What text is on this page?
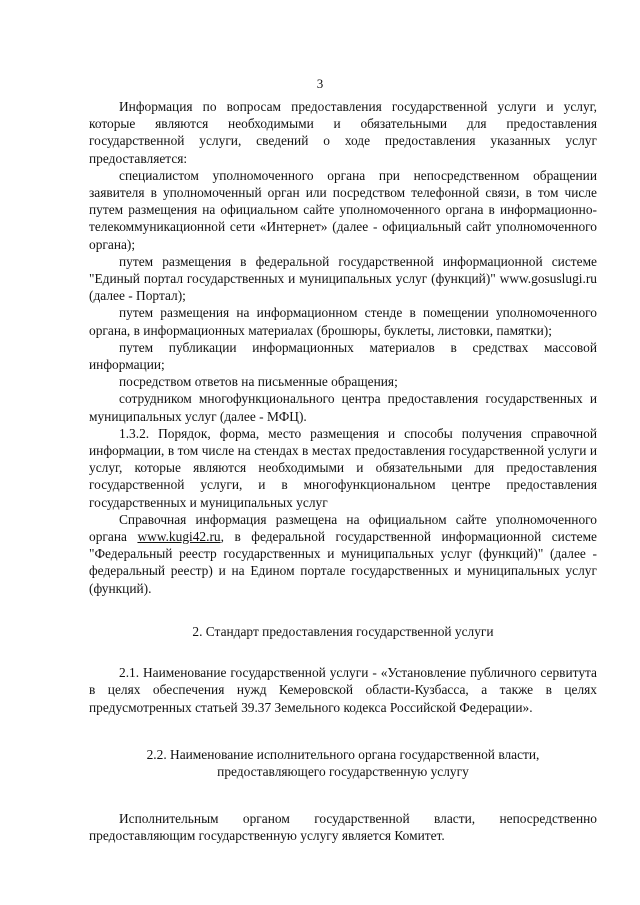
3

Информация по вопросам предоставления государственной услуги и услуг, которые являются необходимыми и обязательными для предоставления государственной услуги, сведений о ходе предоставления указанных услуг предоставляется:

специалистом уполномоченного органа при непосредственном обращении заявителя в уполномоченный орган или посредством телефонной связи, в том числе путем размещения на официальном сайте уполномоченного органа в информационно-телекоммуникационной сети «Интернет» (далее - официальный сайт уполномоченного органа);

путем размещения в федеральной государственной информационной системе "Единый портал государственных и муниципальных услуг (функций)" www.gosuslugi.ru (далее - Портал);

путем размещения на информационном стенде в помещении уполномоченного органа, в информационных материалах (брошюры, буклеты, листовки, памятки);

путем публикации информационных материалов в средствах массовой информации;

посредством ответов на письменные обращения;

сотрудником многофункционального центра предоставления государственных и муниципальных услуг (далее - МФЦ).

1.3.2. Порядок, форма, место размещения и способы получения справочной информации, в том числе на стендах в местах предоставления государственной услуги и услуг, которые являются необходимыми и обязательными для предоставления государственной услуги, и в многофункциональном центре предоставления государственных и муниципальных услуг

Справочная информация размещена на официальном сайте уполномоченного органа www.kugi42.ru, в федеральной государственной информационной системе "Федеральный реестр государственных и муниципальных услуг (функций)" (далее - федеральный реестр) и на Едином портале государственных и муниципальных услуг (функций).

2. Стандарт предоставления государственной услуги

2.1. Наименование государственной услуги - «Установление публичного сервитута в целях обеспечения нужд Кемеровской области-Кузбасса, а также в целях предусмотренных статьей 39.37 Земельного кодекса Российской Федерации».

2.2. Наименование исполнительного органа государственной власти,

предоставляющего государственную услугу

Исполнительным органом государственной власти, непосредственно предоставляющим государственную услугу является Комитет.
